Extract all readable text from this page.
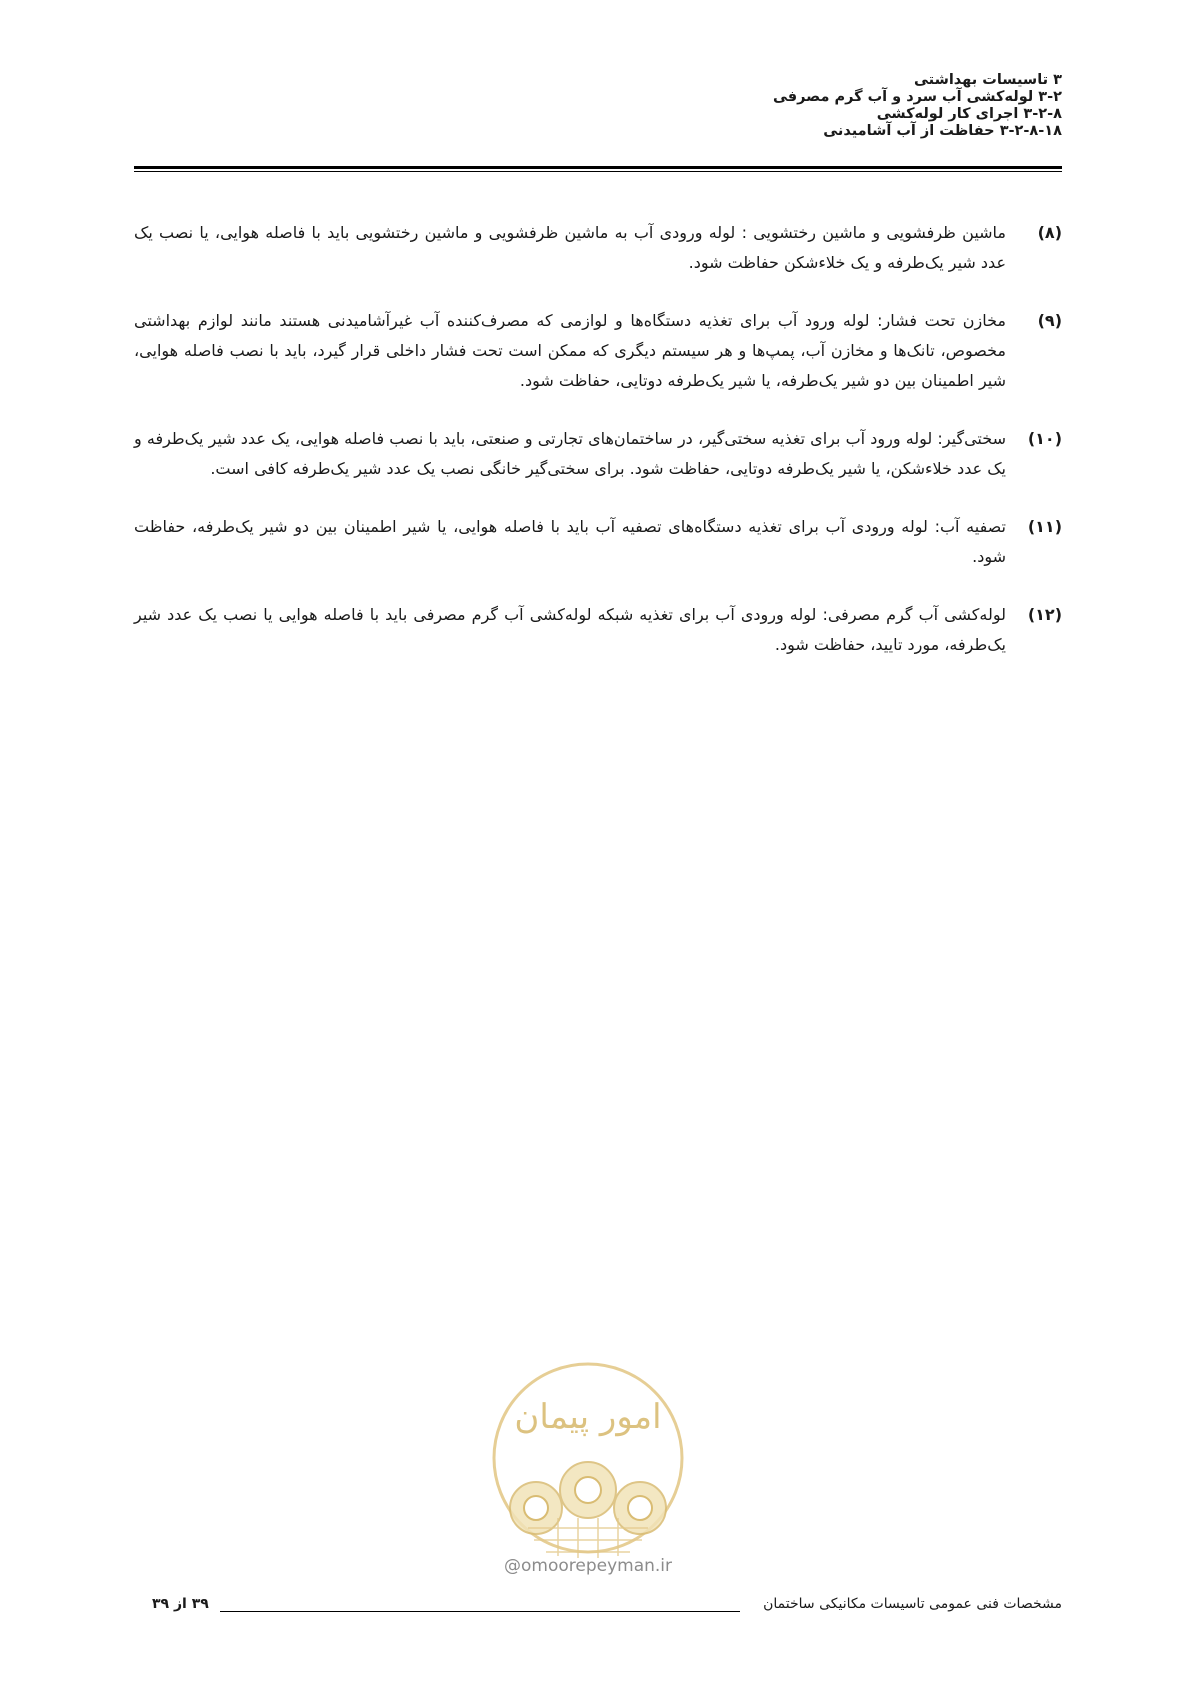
۳ تاسیسات بهداشتی
۳-۲ لوله‌کشی آب سرد و آب گرم مصرفی
۳-۲-۸ اجرای کار لوله‌کشی
۳-۲-۸-۱۸ حفاظت از آب آشامیدنی
(۸)
ماشین ظرفشویی و ماشین رختشویی : لوله ورودی آب به ماشین ظرفشویی و ماشین رختشویی باید با فاصله هوایی، یا نصب یک عدد شیر یک‌طرفه و یک خلاء‌شکن حفاظت شود.
(۹)
مخازن تحت فشار: لوله ورود آب برای تغذیه دستگاه‌ها و لوازمی که مصرف‌کننده آب غیرآشامیدنی هستند مانند لوازم بهداشتی مخصوص، تانک‌ها و مخازن آب، پمپ‌ها و هر سیستم دیگری که ممکن است تحت فشار داخلی قرار گیرد، باید با نصب فاصله هوایی، شیر اطمینان بین دو شیر یک‌طرفه، یا شیر یک‌طرفه دوتایی، حفاظت شود.
(۱۰)
سختی‌گیر: لوله ورود آب برای تغذیه سختی‌گیر، در ساختمان‌های تجارتی و صنعتی، باید با نصب فاصله هوایی، یک عدد شیر یک‌طرفه و یک عدد خلاء‌شکن، یا شیر یک‌طرفه دوتایی، حفاظت شود. برای سختی‌گیر خانگی نصب یک عدد شیر یک‌طرفه کافی است.
(۱۱)
تصفیه آب: لوله ورودی آب برای تغذیه دستگاه‌های تصفیه آب باید با فاصله هوایی، یا شیر اطمینان بین دو شیر یک‌طرفه، حفاظت شود.
(۱۲)
لوله‌کشی آب گرم مصرفی: لوله ورودی آب برای تغذیه شبکه لوله‌کشی آب گرم مصرفی باید با فاصله هوایی یا نصب یک عدد شیر یک‌طرفه، مورد تایید، حفاظت شود.
امور پیمان
@omoorepeyman.ir
مشخصات فنی عمومی تاسیسات مکانیکی ساختمان
۳۹ از ۳۹
